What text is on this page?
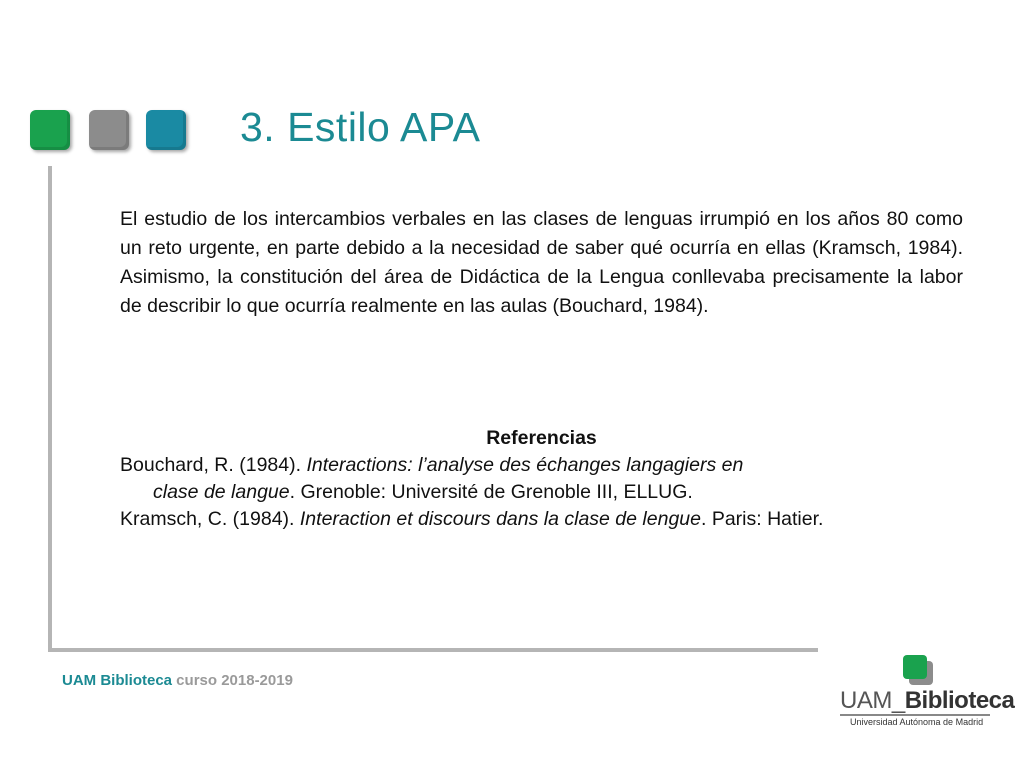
3. Estilo APA

El estudio de los intercambios verbales en las clases de lenguas irrumpió en los años 80 como un reto urgente, en parte debido a la necesidad de saber qué ocurría en ellas (Kramsch, 1984). Asimismo, la constitución del área de Didáctica de la Lengua conllevaba precisamente la labor de describir lo que ocurría realmente en las aulas (Bouchard, 1984).

Referencias
Bouchard, R. (1984). Interactions: l’analyse des échanges langagiers en
clase de langue. Grenoble: Université de Grenoble III, ELLUG.
Kramsch, C. (1984). Interaction et discours dans la clase de lengue. Paris: Hatier.
UAM Biblioteca curso 2018-2019
UAM_Biblioteca
Universidad Autónoma de Madrid
